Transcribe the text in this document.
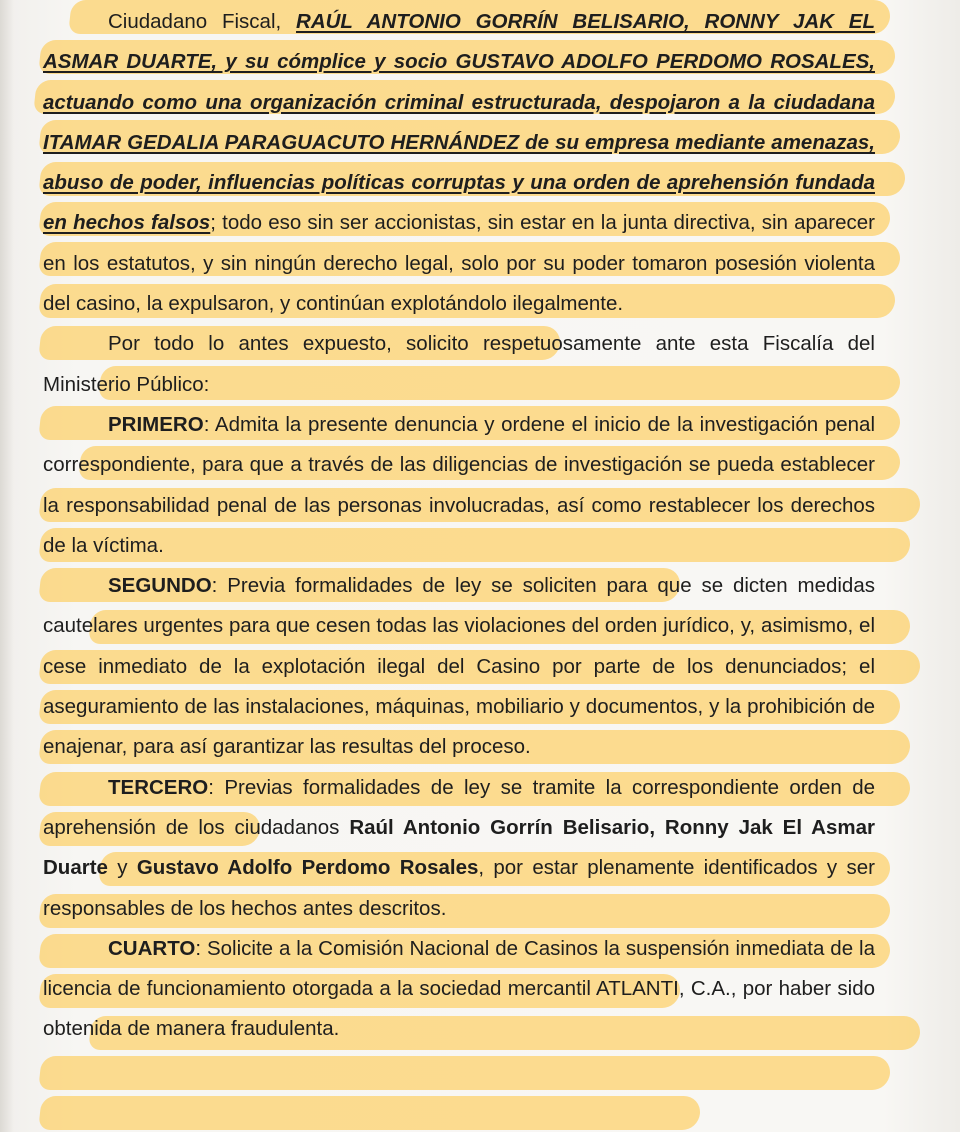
Ciudadano Fiscal, RAÚL ANTONIO GORRÍN BELISARIO, RONNY JAK EL ASMAR DUARTE, y su cómplice y socio GUSTAVO ADOLFO PERDOMO ROSALES, actuando como una organización criminal estructurada, despojaron a la ciudadana ITAMAR GEDALIA PARAGUACUTO HERNÁNDEZ de su empresa mediante amenazas, abuso de poder, influencias políticas corruptas y una orden de aprehensión fundada en hechos falsos; todo eso sin ser accionistas, sin estar en la junta directiva, sin aparecer en los estatutos, y sin ningún derecho legal, solo por su poder tomaron posesión violenta del casino, la expulsaron, y continúan explotándolo ilegalmente.

Por todo lo antes expuesto, solicito respetuosamente ante esta Fiscalía del Ministerio Público:

PRIMERO: Admita la presente denuncia y ordene el inicio de la investigación penal correspondiente, para que a través de las diligencias de investigación se pueda establecer la responsabilidad penal de las personas involucradas, así como restablecer los derechos de la víctima.

SEGUNDO: Previa formalidades de ley se soliciten para que se dicten medidas cautelares urgentes para que cesen todas las violaciones del orden jurídico, y, asimismo, el cese inmediato de la explotación ilegal del Casino por parte de los denunciados; el aseguramiento de las instalaciones, máquinas, mobiliario y documentos, y la prohibición de enajenar, para así garantizar las resultas del proceso.

TERCERO: Previas formalidades de ley se tramite la correspondiente orden de aprehensión de los ciudadanos Raúl Antonio Gorrín Belisario, Ronny Jak El Asmar Duarte y Gustavo Adolfo Perdomo Rosales, por estar plenamente identificados y ser responsables de los hechos antes descritos.

CUARTO: Solicite a la Comisión Nacional de Casinos la suspensión inmediata de la licencia de funcionamiento otorgada a la sociedad mercantil ATLANTI, C.A., por haber sido obtenida de manera fraudulenta.
